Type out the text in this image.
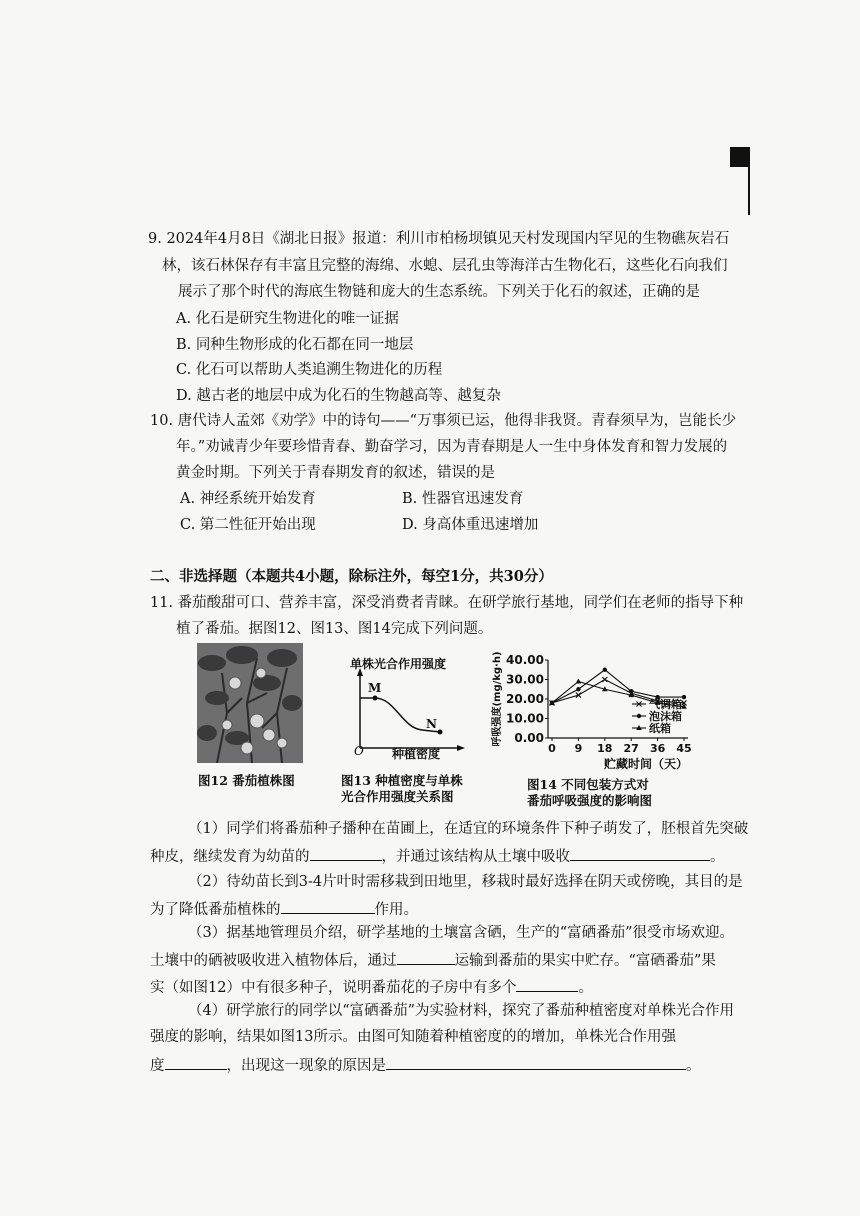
9. 2024年4月8日《湖北日报》报道：利川市柏杨坝镇见天村发现国内罕见的生物礁灰岩石
林，该石林保存有丰富且完整的海绵、水螅、层孔虫等海洋古生物化石，这些化石向我们
展示了那个时代的海底生物链和庞大的生态系统。下列关于化石的叙述，正确的是
A. 化石是研究生物进化的唯一证据
B. 同种生物形成的化石都在同一地层
C. 化石可以帮助人类追溯生物进化的历程
D. 越古老的地层中成为化石的生物越高等、越复杂
10. 唐代诗人孟郊《劝学》中的诗句——“万事须已运，他得非我贤。青春须早为，岂能长少
年。”劝诫青少年要珍惜青春、勤奋学习，因为青春期是人一生中身体发育和智力发展的
黄金时期。下列关于青春期发育的叙述，错误的是
A. 神经系统开始发育	B. 性器官迅速发育
C. 第二性征开始出现	D. 身高体重迅速增加
二、非选择题（本题共4小题，除标注外，每空1分，共30分）
11. 番茄酸甜可口、营养丰富，深受消费者青睐。在研学旅行基地，同学们在老师的指导下种
植了番茄。据图12、图13、图14完成下列问题。
图12 番茄植株图
单株光合作用强度
M
N
O 种植密度
图13 种植密度与单株
光合作用强度关系图
0.00
10.00
20.00
30.00
40.00
0 9 18 27 36 45
贮藏时间（天）
呼吸强度(mg/kg·h)	气调箱
泡沫箱
纸箱
图14 不同包装方式对
番茄呼吸强度的影响图
（1）同学们将番茄种子播种在苗圃上，在适宜的环境条件下种子萌发了，胚根首先突破
种皮，继续发育为幼苗的	，并通过该结构从土壤中吸收	。
（2）待幼苗长到3-4片叶时需移栽到田地里，移栽时最好选择在阴天或傍晚，其目的是
为了降低番茄植株的	作用。
（3）据基地管理员介绍，研学基地的土壤富含硒，生产的“富硒番茄”很受市场欢迎。
土壤中的硒被吸收进入植物体后，通过	运输到番茄的果实中贮存。“富硒番茄”果
实（如图12）中有很多种子，说明番茄花的子房中有多个	。
（4）研学旅行的同学以“富硒番茄”为实验材料，探究了番茄种植密度对单株光合作用
强度的影响，结果如图13所示。由图可知随着种植密度的的增加，单株光合作用强
度	，出现这一现象的原因是	。
